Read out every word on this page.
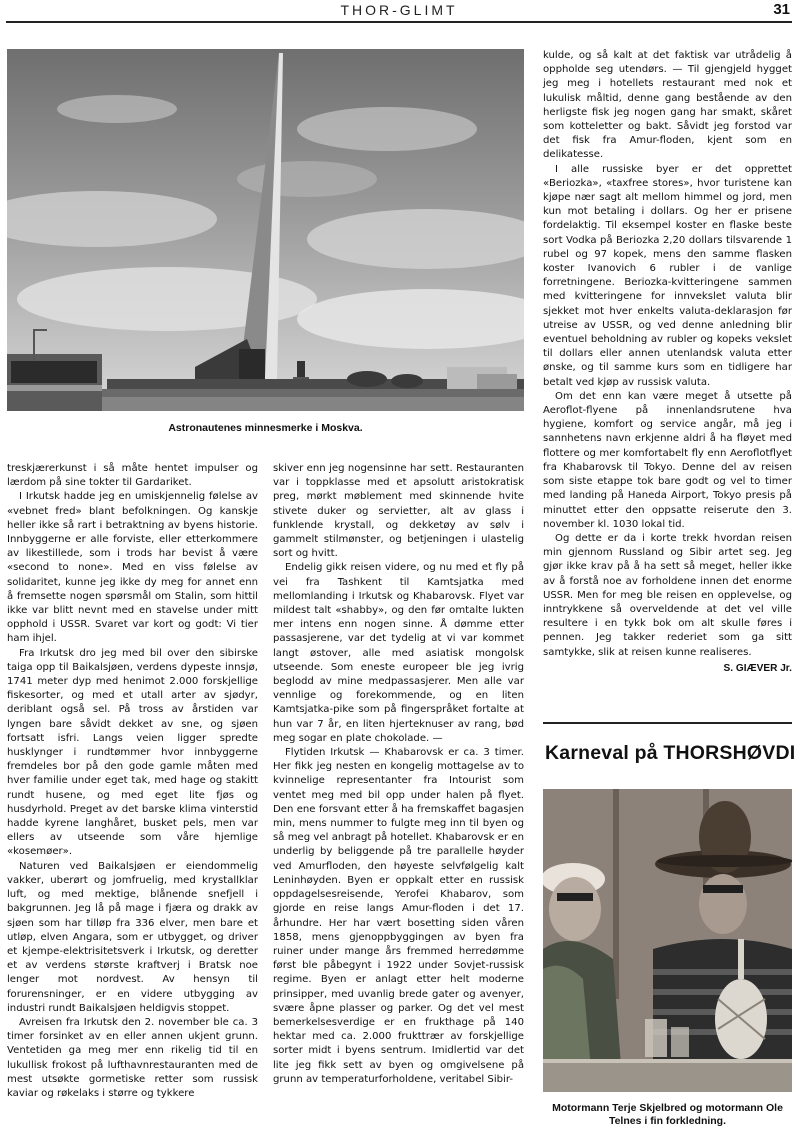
THOR-GLIMT	31
Astronautenes minnesmerke i Moskva.

treskjærerkunst i så måte hentet impulser og lærdom på sine tokter til Gardariket.

I Irkutsk hadde jeg en umiskjennelig følelse av «vebnet fred» blant befolkningen. Og kanskje heller ikke så rart i betraktning av byens historie. Innbyggerne er alle forviste, eller etterkommere av likestillede, som i trods har bevist å være «second to none». Med en viss følelse av solidaritet, kunne jeg ikke dy meg for annet enn å fremsette nogen spørsmål om Stalin, som hittil ikke var blitt nevnt med en stavelse under mitt opphold i USSR. Svaret var kort og godt: Vi tier ham ihjel.

Fra Irkutsk dro jeg med bil over den sibirske taiga opp til Baikalsjøen, verdens dypeste innsjø, 1741 meter dyp med henimot 2.000 forskjellige fiskesorter, og med et utall arter av sjødyr, deriblant også sel. På tross av årstiden var lyngen bare såvidt dekket av sne, og sjøen fortsatt isfri. Langs veien ligger spredte husklynger i rundtømmer hvor innbyggerne fremdeles bor på den gode gamle måten med hver familie under eget tak, med hage og stakitt rundt husene, og med eget lite fjøs og husdyrhold. Preget av det barske klima vinterstid hadde kyrene langhåret, busket pels, men var ellers av utseende som våre hjemlige «kosemøer».

Naturen ved Baikalsjøen er eiendommelig vakker, uberørt og jomfruelig, med krystallklar luft, og med mektige, blånende snefjell i bakgrunnen. Jeg lå på mage i fjæra og drakk av sjøen som har tilløp fra 336 elver, men bare et utløp, elven Angara, som er utbygget, og driver et kjempe-elektrisitetsverk i Irkutsk, og deretter et av verdens største kraftverj i Bratsk noe lenger mot nordvest. Av hensyn til forurensninger, er en videre utbygging av industri rundt Baikalsjøen heldigvis stoppet.

Avreisen fra Irkutsk den 2. november ble ca. 3 timer forsinket av en eller annen ukjent grunn. Ventetiden ga meg mer enn rikelig tid til en lukullisk frokost på lufthavnrestauranten med de mest utsøkte gormetiske retter som russisk kaviar og røkelaks i større og tykkere

skiver enn jeg nogensinne har sett. Restauranten var i toppklasse med et apsolutt aristokratisk preg, mørkt møblement med skinnende hvite stivete duker og servietter, alt av glass i funklende krystall, og dekketøy av sølv i gammelt stilmønster, og betjeningen i ulastelig sort og hvitt.

Endelig gikk reisen videre, og nu med et fly på vei fra Tashkent til Kamtsjatka med mellomlanding i Irkutsk og Khabarovsk. Flyet var mildest talt «shabby», og den før omtalte lukten mer intens enn nogen sinne. Å dømme etter passasjerene, var det tydelig at vi var kommet langt østover, alle med asiatisk mongolsk utseende. Som eneste europeer ble jeg ivrig beglodd av mine medpassasjerer. Men alle var vennlige og forekommende, og en liten Kamtsjatka-pike som på fingerspråket fortalte at hun var 7 år, en liten hjerteknuser av rang, bød meg sogar en plate chokolade. —

Flytiden Irkutsk — Khabarovsk er ca. 3 timer. Her fikk jeg nesten en kongelig mottagelse av to kvinnelige representanter fra Intourist som ventet meg med bil opp under halen på flyet. Den ene forsvant etter å ha fremskaffet bagasjen min, mens nummer to fulgte meg inn til byen og så meg vel anbragt på hotellet. Khabarovsk er en underlig by beliggende på tre parallelle høyder ved Amurfloden, den høyeste selvfølgelig kalt Leninhøyden. Byen er oppkalt etter en russisk oppdagelsesreisende, Yerofei Khabarov, som gjorde en reise langs Amur-floden i det 17. århundre. Her har vært bosetting siden våren 1858, mens gjenoppbyggingen av byen fra ruiner under mange års fremmed herredømme først ble påbegynt i 1922 under Sovjet-russisk regime. Byen er anlagt etter helt moderne prinsipper, med uvanlig brede gater og avenyer, svære åpne plasser og parker. Og det vel mest bemerkelsesverdige er en frukthage på 140 hektar med ca. 2.000 frukttrær av forskjellige sorter midt i byens sentrum. Imidlertid var det lite jeg fikk sett av byen og omgivelsene på grunn av temperaturforholdene, veritabel Sibir-

kulde, og så kalt at det faktisk var utrådelig å oppholde seg utendørs. — Til gjengjeld hygget jeg meg i hotellets restaurant med nok et lukulisk måltid, denne gang bestående av den herligste fisk jeg nogen gang har smakt, skåret som kotteletter og bakt. Såvidt jeg forstod var det fisk fra Amur-floden, kjent som en delikatesse.

I alle russiske byer er det opprettet «Beriozka», «taxfree stores», hvor turistene kan kjøpe nær sagt alt mellom himmel og jord, men kun mot betaling i dollars. Og her er prisene fordelaktig. Til eksempel koster en flaske beste sort Vodka på Beriozka 2,20 dollars tilsvarende 1 rubel og 97 kopek, mens den samme flasken koster Ivanovich 6 rubler i de vanlige forretningene. Beriozka-kvitteringene sammen med kvitteringene for innvekslet valuta blir sjekket mot hver enkelts valuta-deklarasjon før utreise av USSR, og ved denne anledning blir eventuel beholdning av rubler og kopeks vekslet til dollars eller annen utenlandsk valuta etter ønske, og til samme kurs som en tidligere har betalt ved kjøp av russisk valuta.

Om det enn kan være meget å utsette på Aeroflot-flyene på innenlandsrutene hva hygiene, komfort og service angår, må jeg i sannhetens navn erkjenne aldri å ha fløyet med flottere og mer komfortabelt fly enn Aeroflotflyet fra Khabarovsk til Tokyo. Denne del av reisen som siste etappe tok bare godt og vel to timer med landing på Haneda Airport, Tokyo presis på minuttet etter den oppsatte reiserute den 3. november kl. 1030 lokal tid.

Og dette er da i korte trekk hvordan reisen min gjennom Russland og Sibir artet seg. Jeg gjør ikke krav på å ha sett så meget, heller ikke av å forstå noe av forholdene innen det enorme USSR. Men for meg ble reisen en opplevelse, og inntrykkene så overveldende at det vel ville resultere i en tykk bok om alt skulle føres i pennen. Jeg takker rederiet som ga sitt samtykke, slik at reisen kunne realiseres.

S. GIÆVER Jr.

Karneval på THORSHØVDI
Motormann Terje Skjelbred og motormann Ole Telnes i fin forkledning.
